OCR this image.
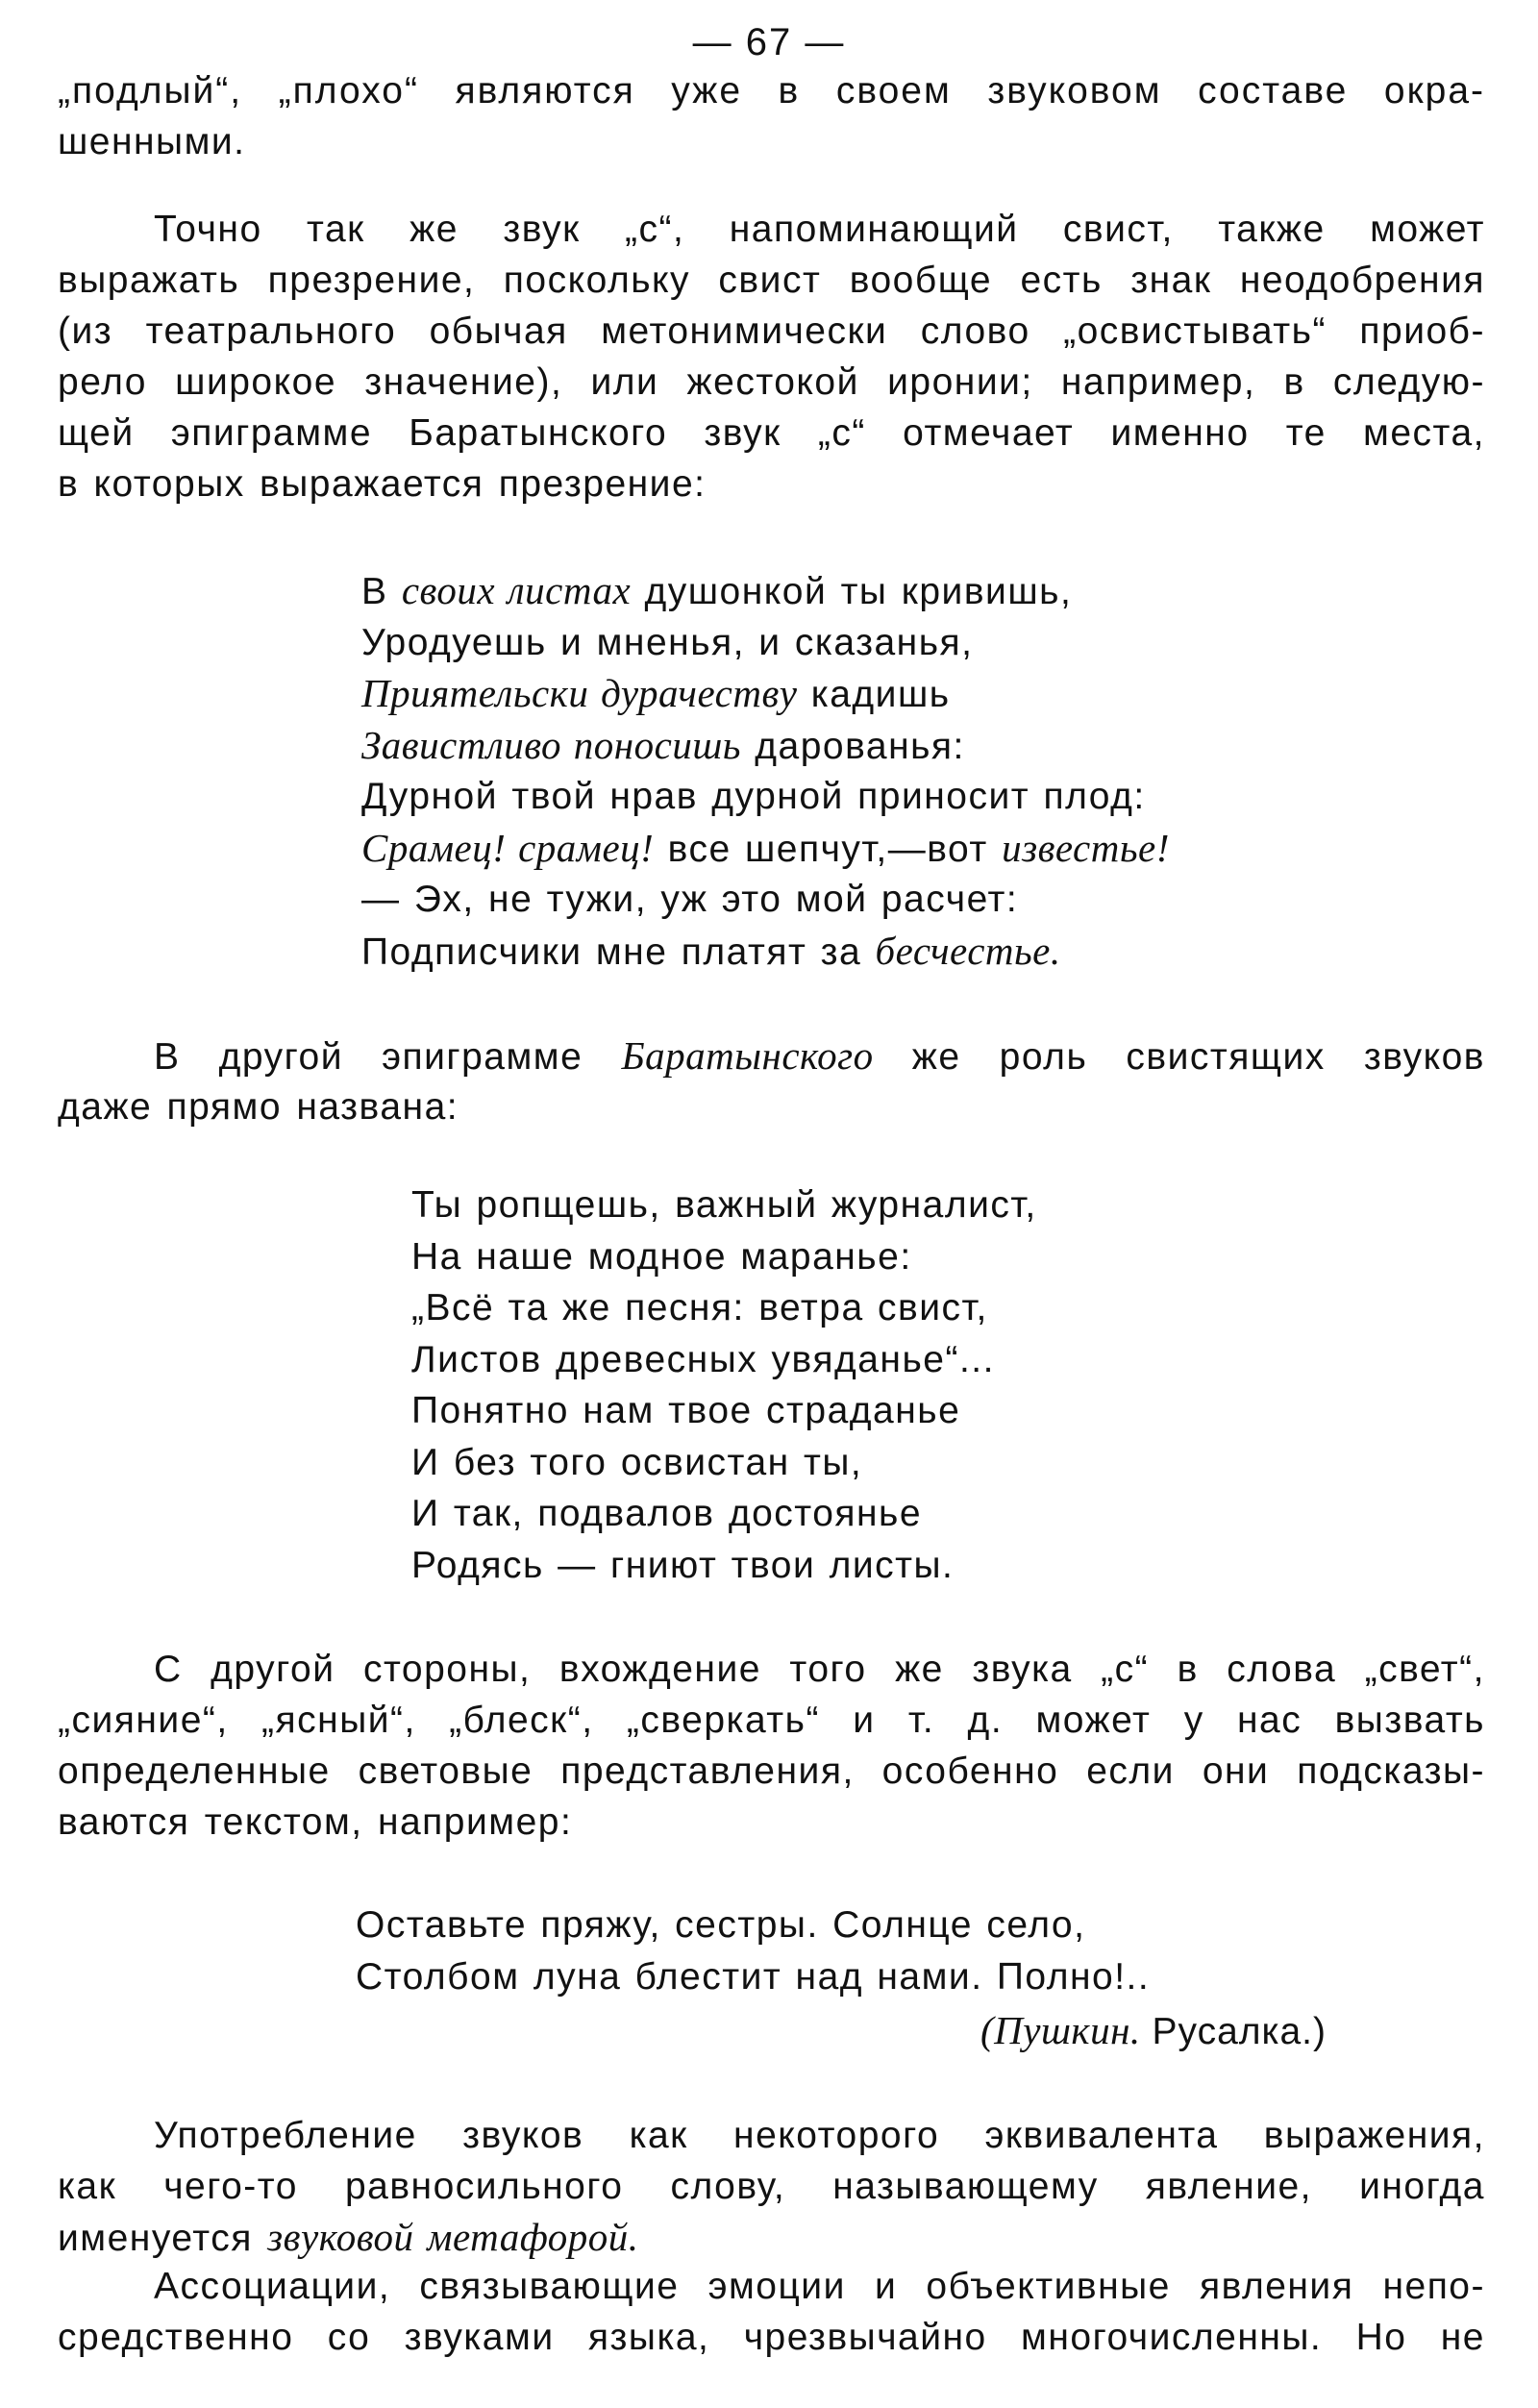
— 67 —
„подлый“, „плохо“ являются уже в своем звуковом составе окра-
шенными.
Точно так же звук „с“, напоминающий свист, также может
выражать презрение, поскольку свист вообще есть знак неодобрения
(из театрального обычая метонимически слово „освистывать“ приоб-
рело широкое значение), или жестокой иронии; например, в следую-
щей эпиграмме Баратынского звук „с“ отмечает именно те места,
в которых выражается презрение:
В своих листах душонкой ты кривишь,
Уродуешь и мненья, и сказанья,
Приятельски дурачеству кадишь
Завистливо поносишь дарованья:
Дурной твой нрав дурной приносит плод:
Срамец! срамец! все шепчут,—вот известье!
— Эх, не тужи, уж это мой расчет:
Подписчики мне платят за бесчестье.
В другой эпиграмме Баратынского же роль свистящих звуков
даже прямо названа:
Ты ропщешь, важный журналист,
На наше модное маранье:
„Всё та же песня: ветра свист,
Листов древесных увяданье“...
Понятно нам твое страданье
И без того освистан ты,
И так, подвалов достоянье
Родясь — гниют твои листы.
С другой стороны, вхождение того же звука „с“ в слова „свет“,
„сияние“, „ясный“, „блеск“, „сверкать“ и т. д. может у нас вызвать
определенные световые представления, особенно если они подсказы-
ваются текстом, например:
Оставьте пряжу, сестры. Солнце село,
Столбом луна блестит над нами. Полно!..
(Пушкин. Русалка.)
Употребление звуков как некоторого эквивалента выражения,
как чего-то равносильного слову, называющему явление, иногда
именуется звуковой метафорой.
Ассоциации, связывающие эмоции и объективные явления непо-
средственно со звуками языка, чрезвычайно многочисленны. Но не
